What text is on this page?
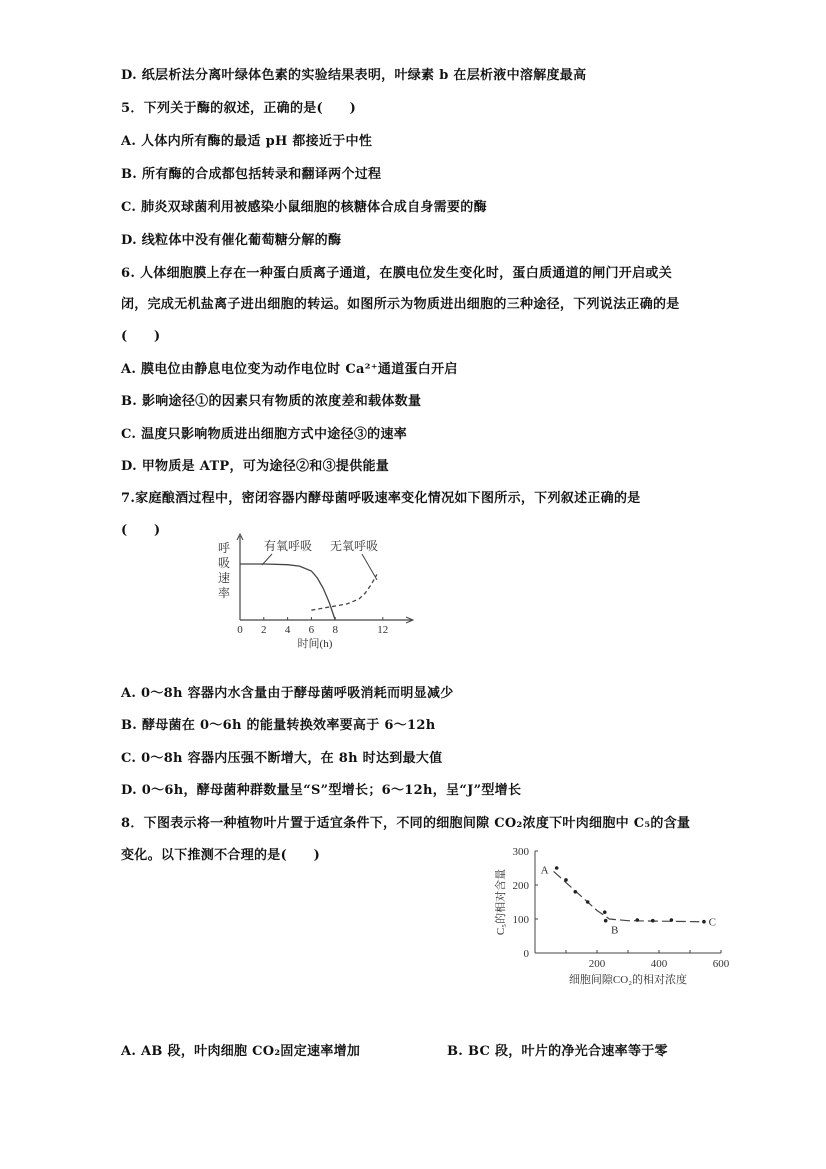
D. 纸层析法分离叶绿体色素的实验结果表明，叶绿素 b 在层析液中溶解度最高
5．下列关于酶的叙述，正确的是(　　)
A. 人体内所有酶的最适 pH 都接近于中性
B. 所有酶的合成都包括转录和翻译两个过程
C. 肺炎双球菌利用被感染小鼠细胞的核糖体合成自身需要的酶
D. 线粒体中没有催化葡萄糖分解的酶
6. 人体细胞膜上存在一种蛋白质离子通道，在膜电位发生变化时，蛋白质通道的闸门开启或关
闭，完成无机盐离子进出细胞的转运。如图所示为物质进出细胞的三种途径，下列说法正确的是
(　　)
A. 膜电位由静息电位变为动作电位时 Ca²⁺通道蛋白开启
B. 影响途径①的因素只有物质的浓度差和载体数量
C. 温度只影响物质进出细胞方式中途径③的速率
D. 甲物质是 ATP，可为途径②和③提供能量
7.家庭酿酒过程中，密闭容器内酵母菌呼吸速率变化情况如下图所示，下列叙述正确的是
(　　)
0 2 4 6 8	12
时间(h)
呼
吸
速
率
有氧呼吸 无氧呼吸
A. 0～8h 容器内水含量由于酵母菌呼吸消耗而明显减少
B. 酵母菌在 0～6h 的能量转换效率要高于 6～12h
C. 0～8h 容器内压强不断增大，在 8h 时达到最大值
D. 0～6h，酵母菌种群数量呈“S”型增长；6～12h，呈“J”型增长
8．下图表示将一种植物叶片置于适宜条件下，不同的细胞间隙 CO₂浓度下叶肉细胞中 C₅的含量
变化。以下推测不合理的是(　　)
200	400	600
0
100
200
300
细胞间隙CO₂的相对浓度
C₅的相对含量	A
B
C
A. AB 段，叶肉细胞 CO₂固定速率增加	B. BC 段，叶片的净光合速率等于零
